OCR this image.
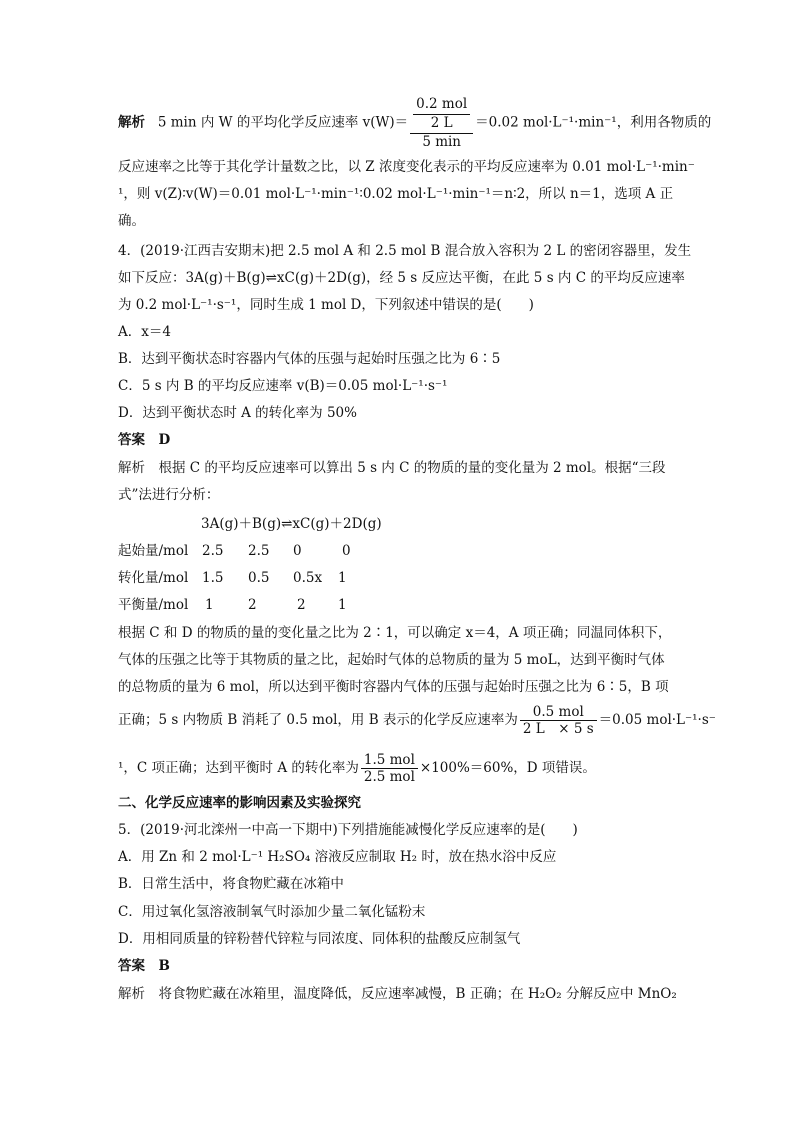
解析 5 min 内 W 的平均化学反应速率 $v(W)= \frac{\frac{\text{0.2 mol}}{2 L}}{5 \min} =0.02$ mol·L⁻¹·min⁻¹，利用各物质的
反应速率之比等于其化学计量数之比，以 Z 浓度变化表示的平均反应速率为 0.01 mol·L⁻¹·min⁻
¹，则 v(Z)∶v(W)＝0.01 mol·L⁻¹·min⁻¹∶0.02 mol·L⁻¹·min⁻¹＝n∶2，所以 n＝1，选项 A 正
确。
4．(2019·江西吉安期末)把 2.5 mol A 和 2.5 mol B 混合放入容积为 2 L 的密闭容器里，发生
如下反应：3A(g)＋B(g)⇌xC(g)＋2D(g)，经 5 s 反应达平衡，在此 5 s 内 C 的平均反应速率
为 0.2 mol·L⁻¹·s⁻¹，同时生成 1 mol D，下列叙述中错误的是(　　)
A．x＝4
B．达到平衡状态时容器内气体的压强与起始时压强之比为 6∶5
C．5 s 内 B 的平均反应速率 v(B)＝0.05 mol·L⁻¹·s⁻¹
D．达到平衡状态时 A 的转化率为 50%
答案　D
解析　根据 C 的平均反应速率可以算出 5 s 内 C 的物质的量的变化量为 2 mol。根据“三段
式”法进行分析：
3A(g)＋B(g)⇌xC(g)＋2D(g)
起始量/mol 2.5 2.5 0	0
转化量/mol 1.5 0.5 0.5x 1
平衡量/mol 1	2	2 1
根据 C 和 D 的物质的量的变化量之比为 2∶1，可以确定 x＝4，A 项正确；同温同体积下，
气体的压强之比等于其物质的量之比，起始时气体的总物质的量为 5 moL，达到平衡时气体
的总物质的量为 6 mol，所以达到平衡时容器内气体的压强与起始时压强之比为 6∶5，B 项
正确；5 s 内物质 B 消耗了 0.5 mol，用 B 表示的化学反应速率为 $\frac{\text{0.5 mol}}{2 L \times 5 s} =0.05$ mol·L⁻¹·s⁻
¹，C 项正确；达到平衡时 A 的转化率为 $\frac{\text{1.5 mol}}{\text{2.5 mol}} \times 100\%=60\%$，D 项错误。
二、化学反应速率的影响因素及实验探究
5．(2019·河北滦州一中高一下期中)下列措施能减慢化学反应速率的是(　　)
A．用 Zn 和 2 mol·L⁻¹ H₂SO₄ 溶液反应制取 H₂ 时，放在热水浴中反应
B．日常生活中，将食物贮藏在冰箱中
C．用过氧化氢溶液制氧气时添加少量二氧化锰粉末
D．用相同质量的锌粉替代锌粒与同浓度、同体积的盐酸反应制氢气
答案　B
解析　将食物贮藏在冰箱里，温度降低，反应速率减慢，B 正确；在 H₂O₂ 分解反应中 MnO₂
